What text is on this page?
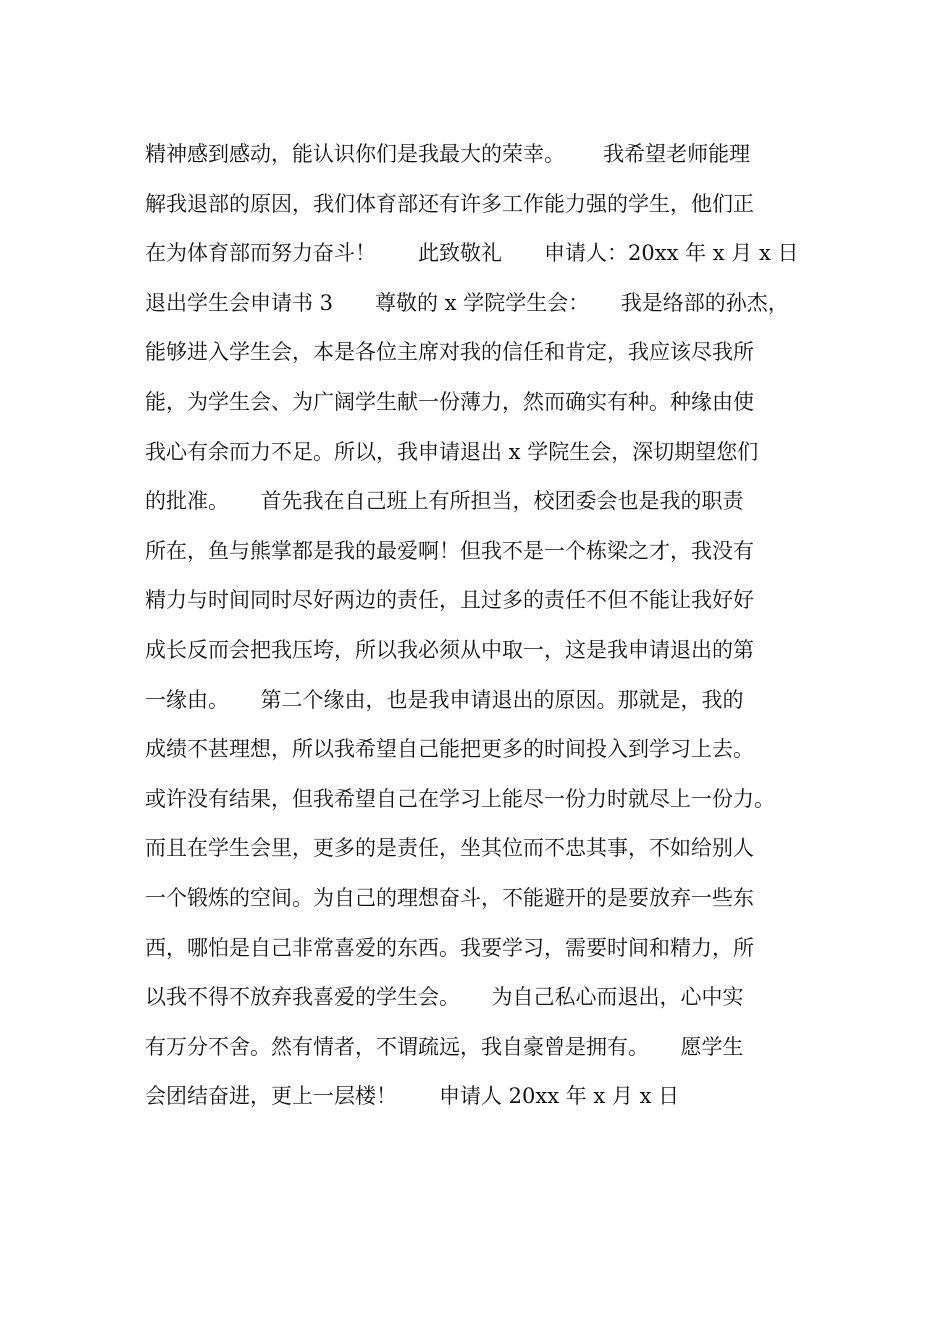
精神感到感动，能认识你们是我最大的荣幸。　　 我希望老师能理
解我退部的原因，我们体育部还有许多工作能力强的学生，他们正
在为体育部而努力奋斗！　　此致敬礼　　申请人：20xx 年 x 月 x 日
退出学生会申请书 3　　尊敬的 x 学院学生会：　　我是络部的孙杰，
能够进入学生会，本是各位主席对我的信任和肯定，我应该尽我所
能，为学生会、为广阔学生献一份薄力，然而确实有种。种缘由使
我心有余而力不足。所以，我申请退出 x 学院生会，深切期望您们
的批准。　　首先我在自己班上有所担当，校团委会也是我的职责
所在，鱼与熊掌都是我的最爱啊！但我不是一个栋梁之才，我没有
精力与时间同时尽好两边的责任，且过多的责任不但不能让我好好
成长反而会把我压垮，所以我必须从中取一，这是我申请退出的第
一缘由。　　第二个缘由，也是我申请退出的原因。那就是，我的
成绩不甚理想，所以我希望自己能把更多的时间投入到学习上去。
或许没有结果，但我希望自己在学习上能尽一份力时就尽上一份力。
而且在学生会里，更多的是责任，坐其位而不忠其事，不如给别人
一个锻炼的空间。为自己的理想奋斗，不能避开的是要放弃一些东
西，哪怕是自己非常喜爱的东西。我要学习，需要时间和精力，所
以我不得不放弃我喜爱的学生会。　　为自己私心而退出，心中实
有万分不舍。然有情者，不谓疏远，我自豪曾是拥有。　　愿学生
会团结奋进，更上一层楼！　　申请人 20xx 年 x 月 x 日
